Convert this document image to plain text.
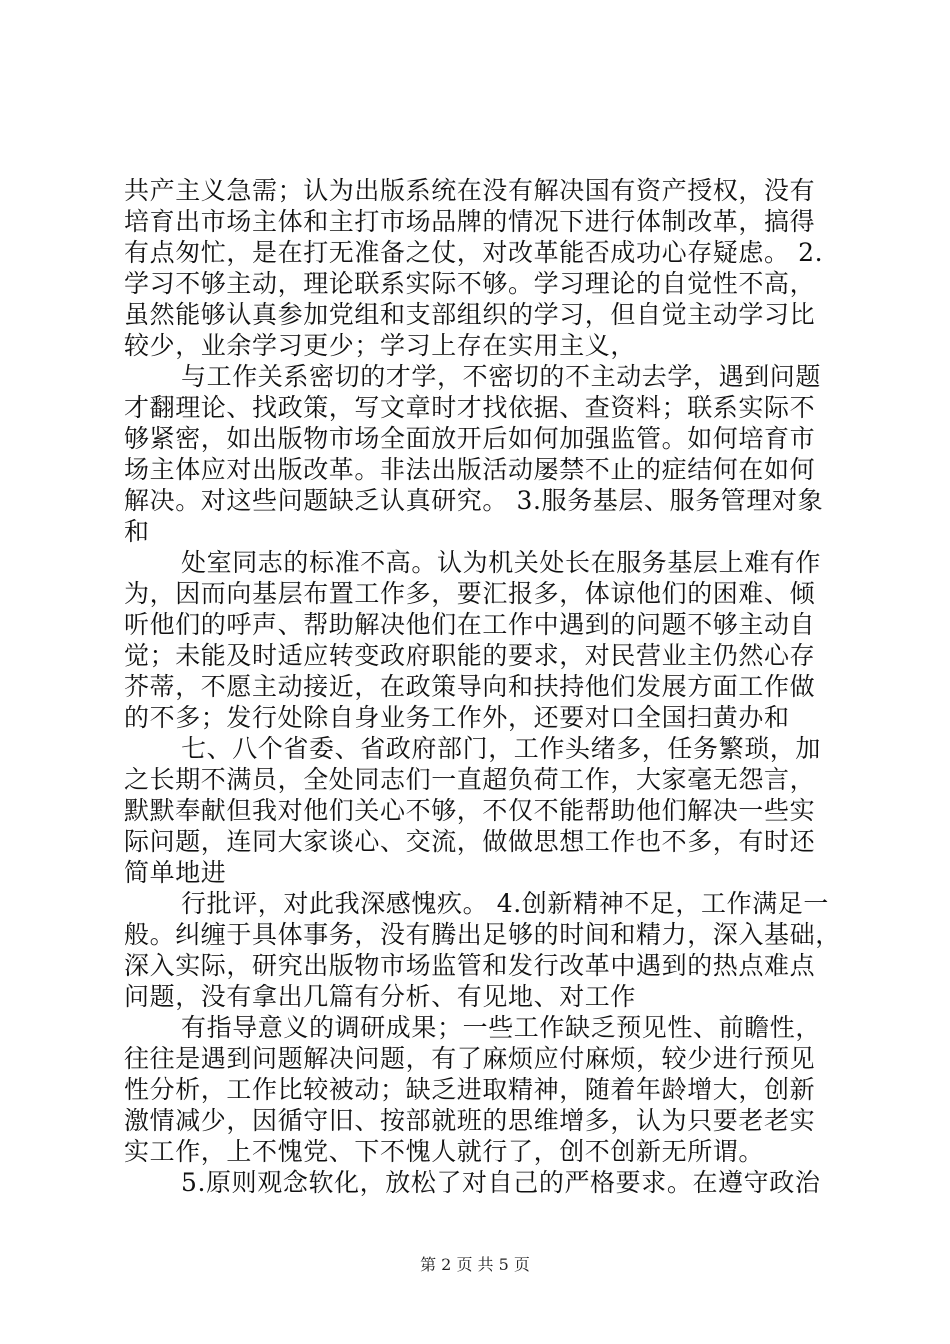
共产主义急需；认为出版系统在没有解决国有资产授权，没有
培育出市场主体和主打市场品牌的情况下进行体制改革，搞得
有点匆忙，是在打无准备之仗，对改革能否成功心存疑虑。 2.
学习不够主动，理论联系实际不够。学习理论的自觉性不高，
虽然能够认真参加党组和支部组织的学习，但自觉主动学习比
较少，业余学习更少；学习上存在实用主义，
与工作关系密切的才学，不密切的不主动去学，遇到问题
才翻理论、找政策，写文章时才找依据、查资料；联系实际不
够紧密，如出版物市场全面放开后如何加强监管。如何培育市
场主体应对出版改革。非法出版活动屡禁不止的症结何在如何
解决。对这些问题缺乏认真研究。 3.服务基层、服务管理对象
和
处室同志的标准不高。认为机关处长在服务基层上难有作
为，因而向基层布置工作多，要汇报多，体谅他们的困难、倾
听他们的呼声、帮助解决他们在工作中遇到的问题不够主动自
觉；未能及时适应转变政府职能的要求，对民营业主仍然心存
芥蒂，不愿主动接近，在政策导向和扶持他们发展方面工作做
的不多；发行处除自身业务工作外，还要对口全国扫黄办和
七、八个省委、省政府部门，工作头绪多，任务繁琐，加
之长期不满员，全处同志们一直超负荷工作，大家毫无怨言，
默默奉献但我对他们关心不够，不仅不能帮助他们解决一些实
际问题，连同大家谈心、交流，做做思想工作也不多，有时还
简单地进
行批评，对此我深感愧疚。 4.创新精神不足，工作满足一
般。纠缠于具体事务，没有腾出足够的时间和精力，深入基础，
深入实际，研究出版物市场监管和发行改革中遇到的热点难点
问题，没有拿出几篇有分析、有见地、对工作
有指导意义的调研成果；一些工作缺乏预见性、前瞻性，
往往是遇到问题解决问题，有了麻烦应付麻烦，较少进行预见
性分析，工作比较被动；缺乏进取精神，随着年龄增大，创新
激情减少，因循守旧、按部就班的思维增多，认为只要老老实
实工作，上不愧党、下不愧人就行了，创不创新无所谓。
5.原则观念软化，放松了对自己的严格要求。在遵守政治
第 2 页 共 5 页
